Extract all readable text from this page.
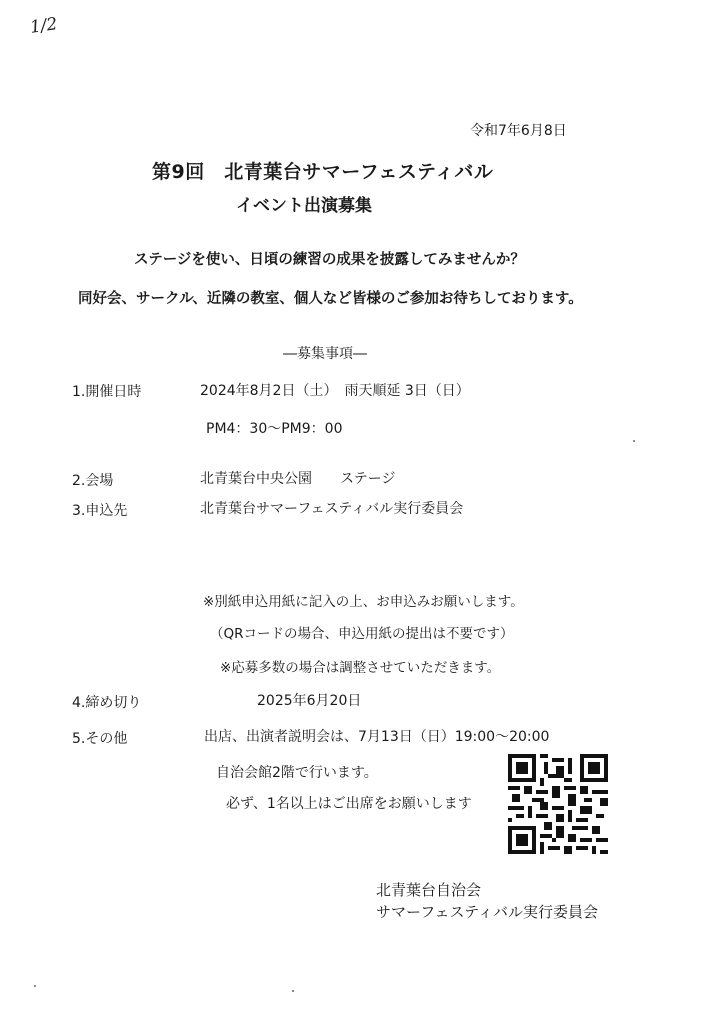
1/2
令和7年6月8日
第9回　北青葉台サマーフェスティバル
イベント出演募集
ステージを使い、日頃の練習の成果を披露してみませんか？
同好会、サークル、近隣の教室、個人など皆様のご参加お待ちしております。
―募集事項―
1.開催日時	2024年8月2日（土）　雨天順延 3日（日）
PM4：30～PM9：00
2.会場	北青葉台中央公園　　ステージ
3.申込先	北青葉台サマーフェスティバル実行委員会
※別紙申込用紙に記入の上、お申込みお願いします。
（QRコードの場合、申込用紙の提出は不要です）
※応募多数の場合は調整させていただきます。
4.締め切り	2025年6月20日
5.その他	出店、出演者説明会は、7月13日（日）19:00～20:00
自治会館2階で行います。
必ず、1名以上はご出席をお願いします
北青葉台自治会
サマーフェスティバル実行委員会
